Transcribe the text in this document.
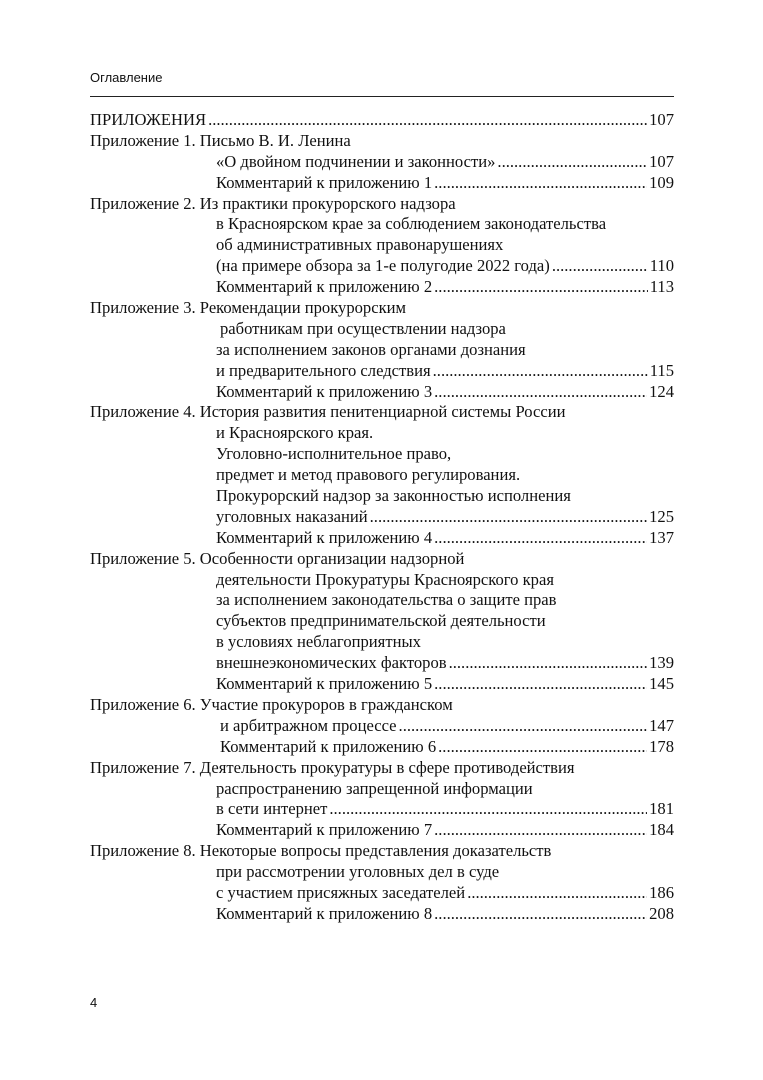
Оглавление
ПРИЛОЖЕНИЯ .....	107
Приложение 1. Письмо В. И. Ленина
«О двойном подчинении и законности» .....	107
Комментарий к приложению 1 .....	109
Приложение 2. Из практики прокурорского надзора
в Красноярском крае за соблюдением законодательства
об административных правонарушениях
(на примере обзора за 1-е полугодие 2022 года) .....	110
Комментарий к приложению 2 .....	113
Приложение 3. Рекомендации прокурорским
работникам при осуществлении надзора
за исполнением законов органами дознания
и предварительного следствия .....	115
Комментарий к приложению 3 .....	124
Приложение 4. История развития пенитенциарной системы России
и Красноярского края.
Уголовно-исполнительное право,
предмет и метод правового регулирования.
Прокурорский надзор за законностью исполнения
уголовных наказаний .....	125
Комментарий к приложению 4 .....	137
Приложение 5. Особенности организации надзорной
деятельности Прокуратуры Красноярского края
за исполнением законодательства о защите прав
субъектов предпринимательской деятельности
в условиях неблагоприятных
внешнеэкономических факторов .....	139
Комментарий к приложению 5 .....	145
Приложение 6. Участие прокуроров в гражданском
и арбитражном процессе .....	147
Комментарий к приложению 6 .....	178
Приложение 7. Деятельность прокуратуры в сфере противодействия
распространению запрещенной информации
в сети интернет .....	181
Комментарий к приложению 7 .....	184
Приложение 8. Некоторые вопросы представления доказательств
при рассмотрении уголовных дел в суде
с участием присяжных заседателей .....	186
Комментарий к приложению 8 .....	208
4
